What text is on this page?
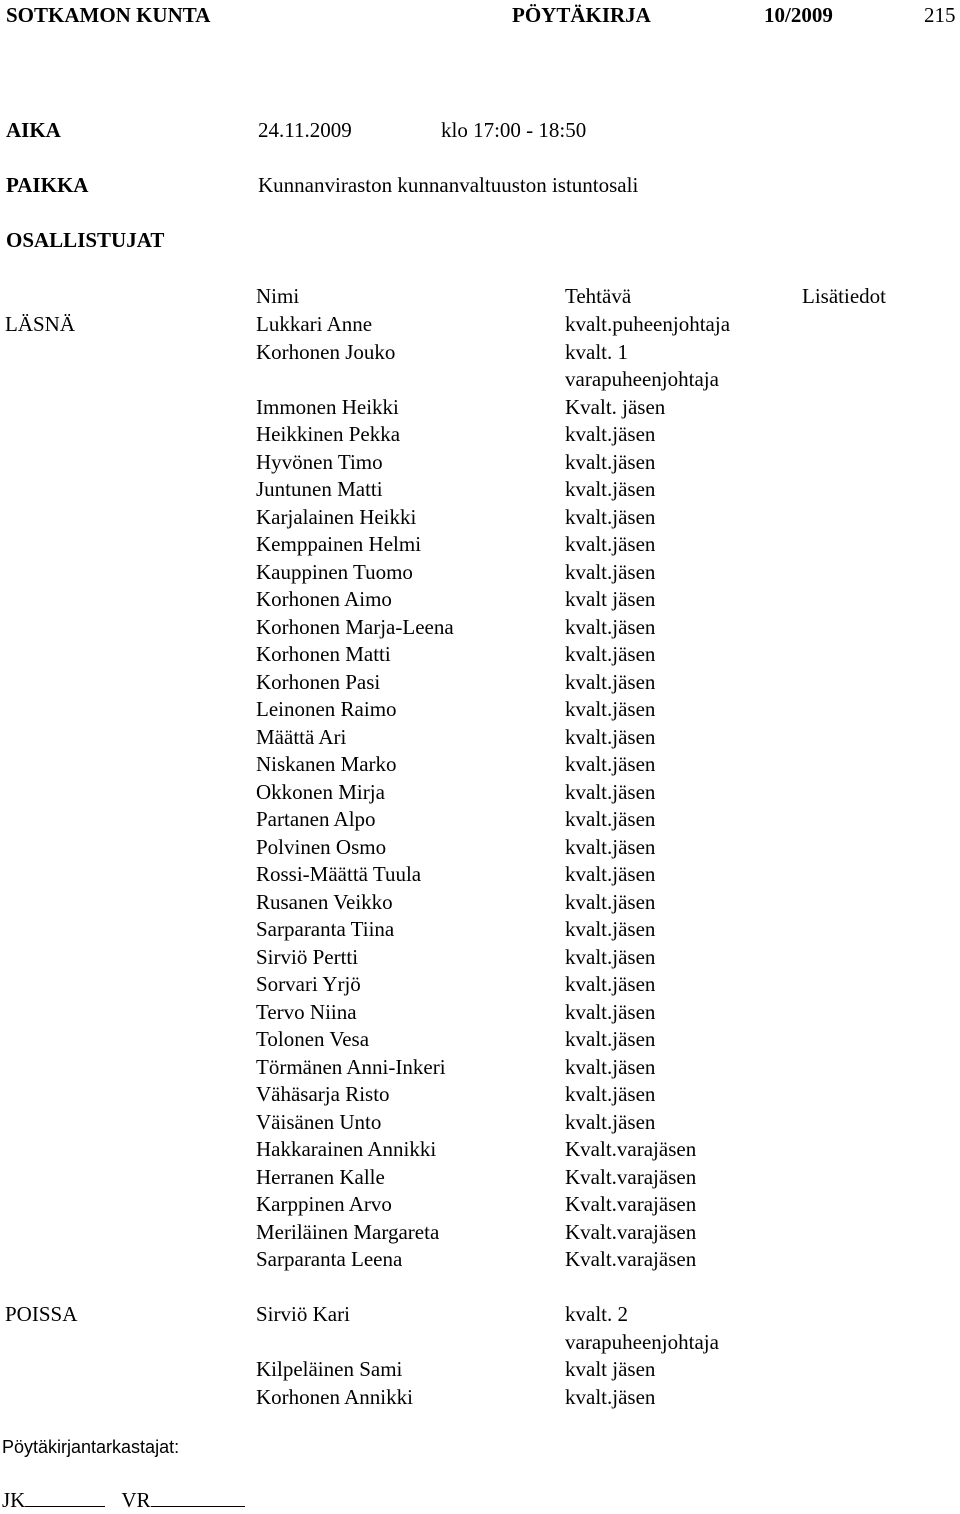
SOTKAMON KUNTA	PÖYTÄKIRJA	10/2009	215
AIKA	24.11.2009	klo 17:00 - 18:50
PAIKKA	Kunnanviraston kunnanvaltuuston istuntosali
OSALLISTUJAT
Nimi	Tehtävä	Lisätiedot
LÄSNÄ	Lukkari Anne	kvalt.puheenjohtaja
Korhonen Jouko	kvalt. 1
varapuheenjohtaja
Immonen Heikki	Kvalt. jäsen
Heikkinen Pekka	kvalt.jäsen
Hyvönen Timo	kvalt.jäsen
Juntunen Matti	kvalt.jäsen
Karjalainen Heikki	kvalt.jäsen
Kemppainen Helmi	kvalt.jäsen
Kauppinen Tuomo	kvalt.jäsen
Korhonen Aimo	kvalt jäsen
Korhonen Marja-Leena	kvalt.jäsen
Korhonen Matti	kvalt.jäsen
Korhonen Pasi	kvalt.jäsen
Leinonen Raimo	kvalt.jäsen
Määttä Ari	kvalt.jäsen
Niskanen Marko	kvalt.jäsen
Okkonen Mirja	kvalt.jäsen
Partanen Alpo	kvalt.jäsen
Polvinen Osmo	kvalt.jäsen
Rossi-Määttä Tuula	kvalt.jäsen
Rusanen Veikko	kvalt.jäsen
Sarparanta Tiina	kvalt.jäsen
Sirviö Pertti	kvalt.jäsen
Sorvari Yrjö	kvalt.jäsen
Tervo Niina	kvalt.jäsen
Tolonen Vesa	kvalt.jäsen
Törmänen Anni-Inkeri	kvalt.jäsen
Vähäsarja Risto	kvalt.jäsen
Väisänen Unto	kvalt.jäsen
Hakkarainen Annikki	Kvalt.varajäsen
Herranen Kalle	Kvalt.varajäsen
Karppinen Arvo	Kvalt.varajäsen
Meriläinen Margareta	Kvalt.varajäsen
Sarparanta Leena	Kvalt.varajäsen
POISSA	Sirviö Kari	kvalt. 2
varapuheenjohtaja
Kilpeläinen Sami	kvalt jäsen
Korhonen Annikki	kvalt.jäsen
Pöytäkirjantarkastajat:
JK	VR
